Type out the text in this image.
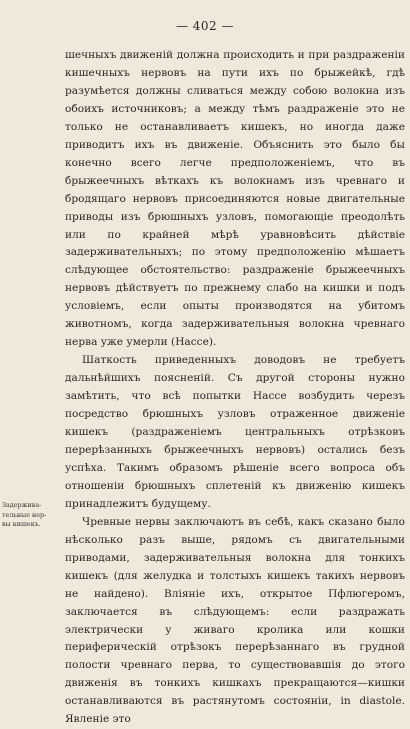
— 402 —

шечныхъ движеній должна происходить и при раздраженіи кишечныхъ нервовъ на пути ихъ по брыжейкѣ, гдѣ разумѣется должны сливаться между собою волокна изъ обоихъ источниковъ; а между тѣмъ раздраженіе это не только не останавливаетъ кишекъ, но иногда даже приводитъ ихъ въ движеніе. Объяснить это было бы конечно всего легче предположеніемъ, что въ брыжеечныхъ вѣткахъ къ волокнамъ изъ чревнаго и бродящаго нервовъ присоединяются новые двигательные приводы изъ брюшныхъ узловъ, помогающіе преодолѣть или по крайней мѣрѣ уравновѣсить дѣйствіе задерживательныхъ; по этому предположенію мѣшаетъ слѣдующее обстоятельство: раздраженіе брыжеечныхъ нервовъ дѣйствуетъ по прежнему слабо на кишки и подъ условіемъ, если опыты производятся на убитомъ животномъ, когда задерживательныя волокна чревнаго нерва уже умерли (Нассе).

Шаткость приведенныхъ доводовъ не требуетъ дальнѣйшихъ поясненій. Съ другой стороны нужно замѣтить, что всѣ попытки Нассе возбудить черезъ посредство брюшныхъ узловъ отраженное движеніе кишекъ (раздраженіемъ центральныхъ отрѣзковъ перерѣзанныхъ брыжеечныхъ нервовъ) остались безъ успѣха. Такимъ образомъ рѣшеніе всего вопроса объ отношеніи брюшныхъ сплетеній къ движенію кишекъ принадлежитъ будущему.

Чревные нервы заключаютъ въ себѣ, какъ сказано было нѣсколько разъ выше, рядомъ съ двигательными приводами, задерживательныя волокна для тонкихъ кишекъ (для желудка и толстыхъ кишекъ такихъ нервовъ не найдено). Вліяніе ихъ, открытое Пфлюгеромъ, заключается въ слѣдующемъ: если раздражать электрически у живаго кролика или кошки периферическій отрѣзокъ перерѣзаннаго въ грудной полости чревнаго перва, то существовавшія до этого движенія въ тонкихъ кишкахъ прекращаются—кишки останавливаются въ растянутомъ состояніи, in diastole. Явленіе это

Задержива-
тельные нер-
вы кишекъ.
